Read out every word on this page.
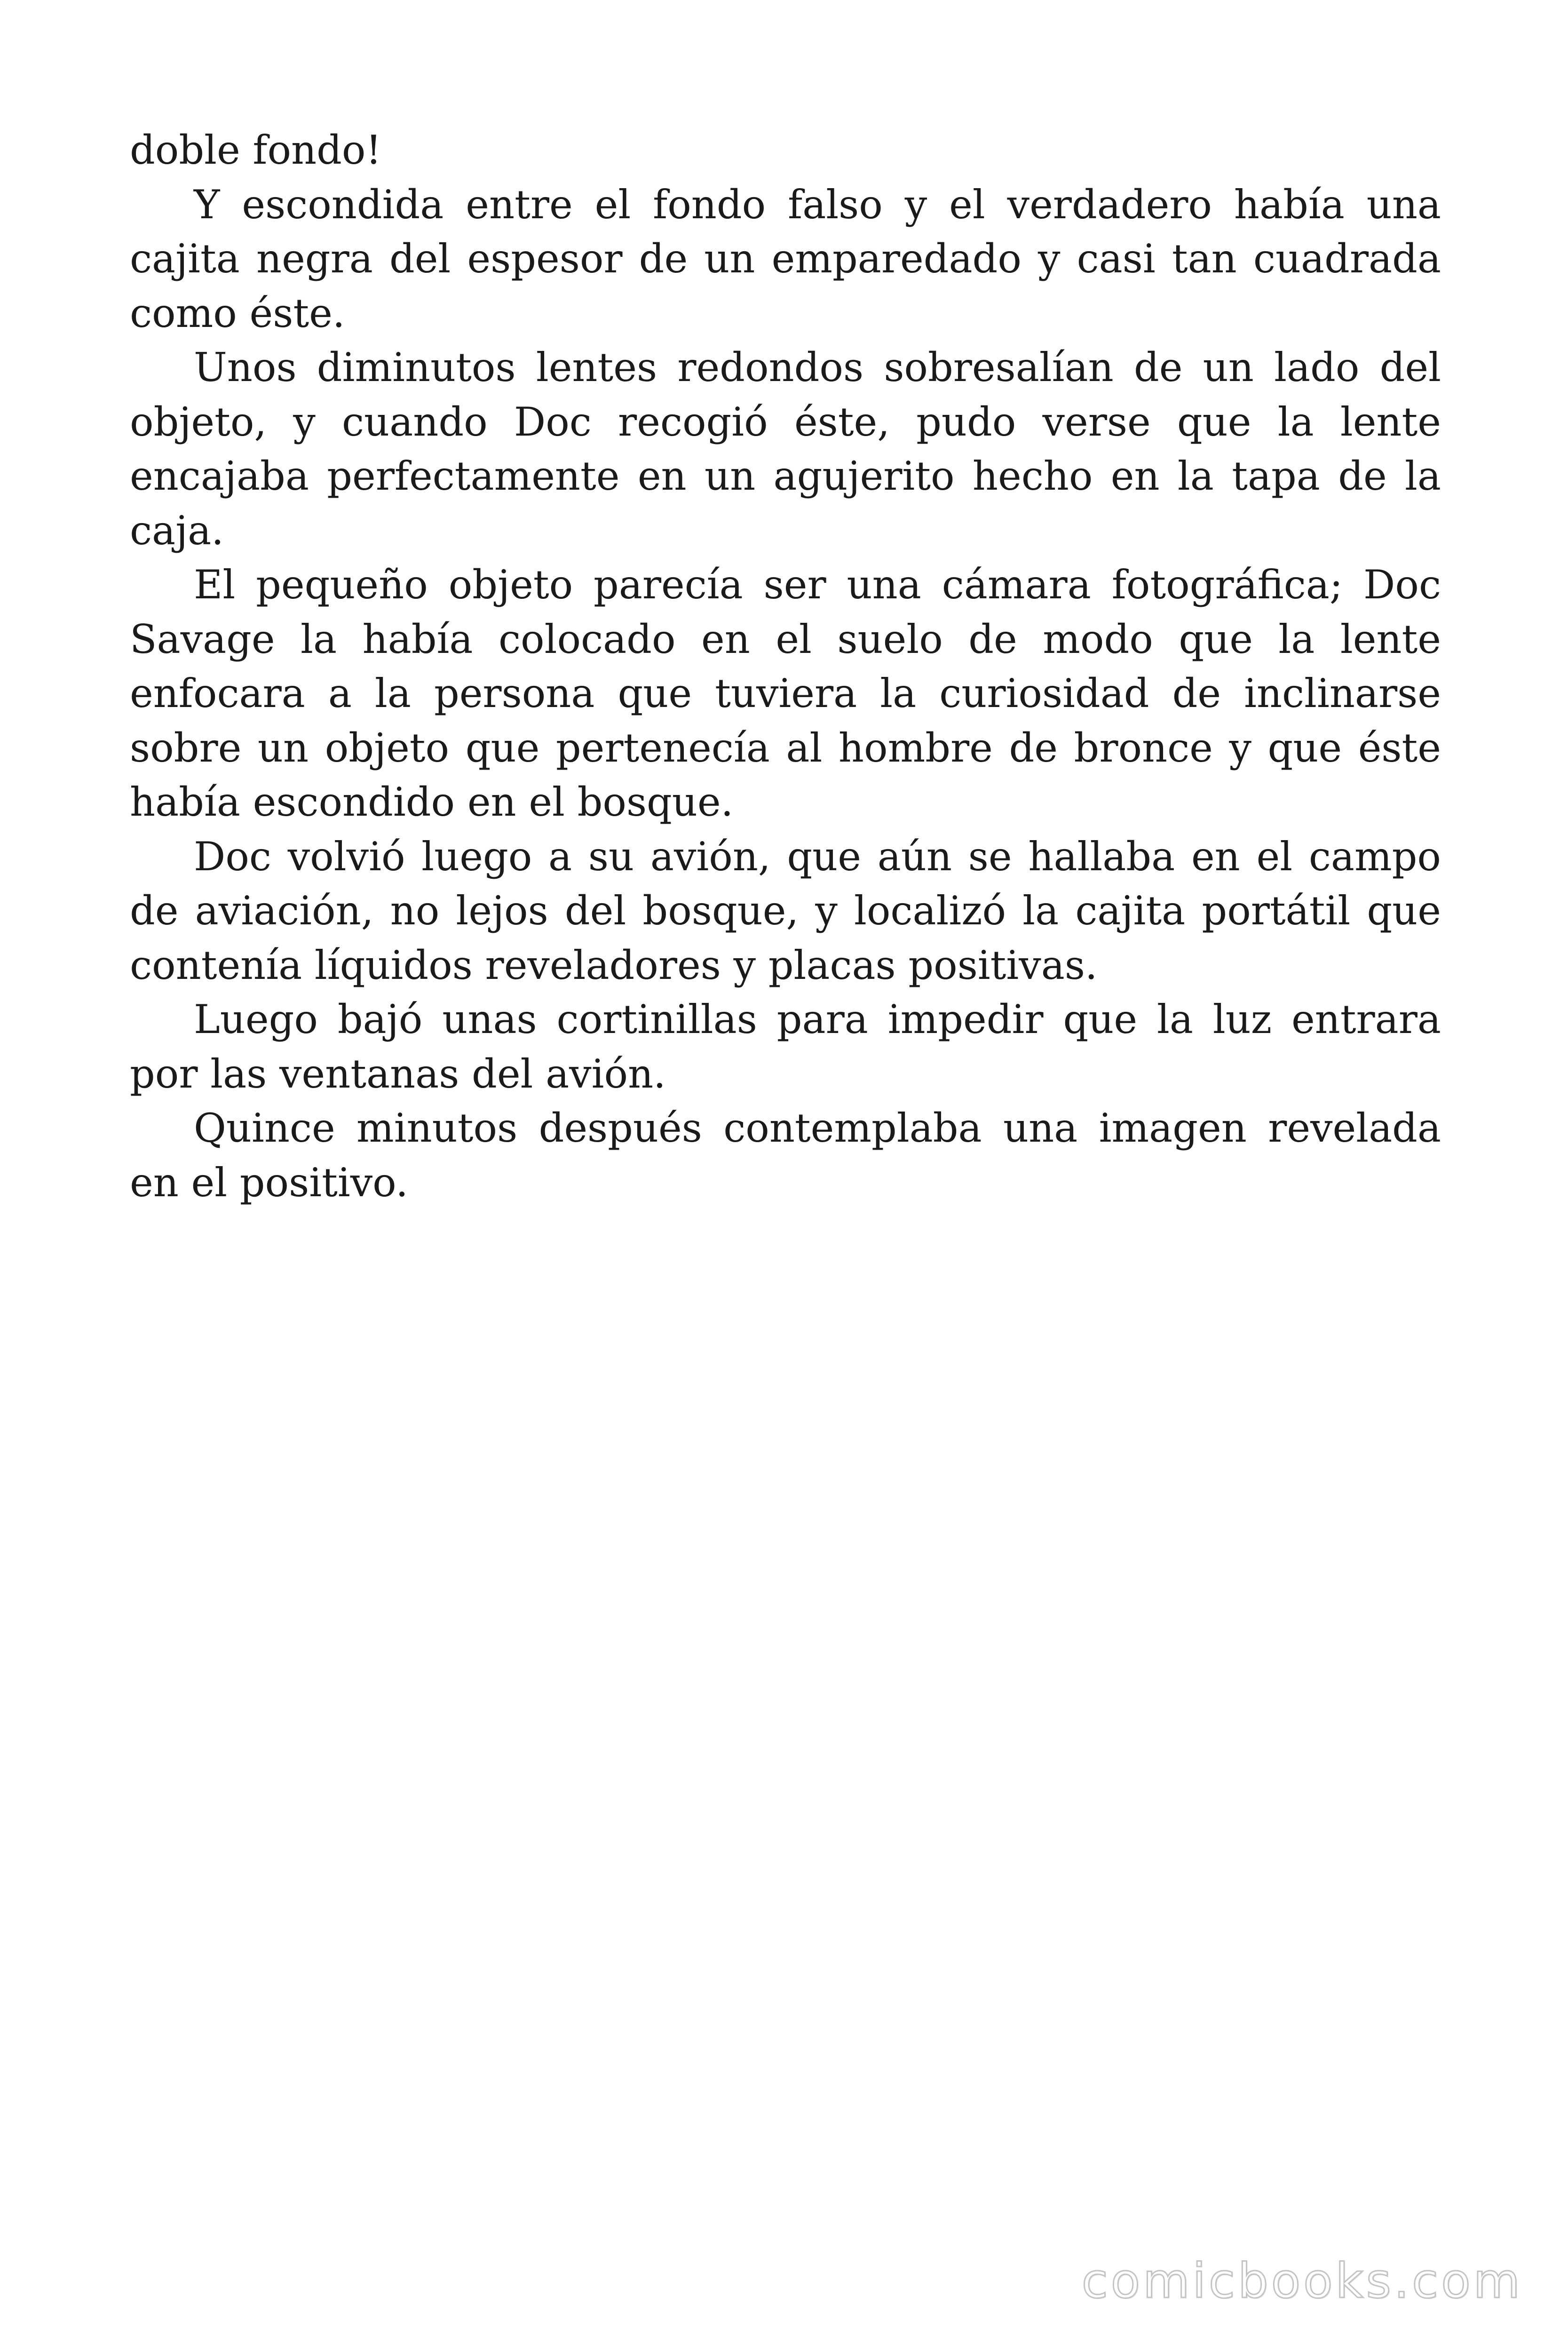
doble fondo!

Y escondida entre el fondo falso y el verdadero había una cajita negra del espesor de un emparedado y casi tan cuadrada como éste.

Unos diminutos lentes redondos sobresalían de un lado del objeto, y cuando Doc recogió éste, pudo verse que la lente encajaba perfectamente en un agujerito hecho en la tapa de la caja.

El pequeño objeto parecía ser una cámara fotográfica; Doc Savage la había colocado en el suelo de modo que la lente enfocara a la persona que tuviera la curiosidad de inclinarse sobre un objeto que pertenecía al hombre de bronce y que éste había escondido en el bosque.

Doc volvió luego a su avión, que aún se hallaba en el campo de aviación, no lejos del bosque, y localizó la cajita portátil que contenía líquidos reveladores y placas positivas.

Luego bajó unas cortinillas para impedir que la luz entrara por las ventanas del avión.

Quince minutos después contemplaba una imagen revelada en el positivo.

comicbooks.com
